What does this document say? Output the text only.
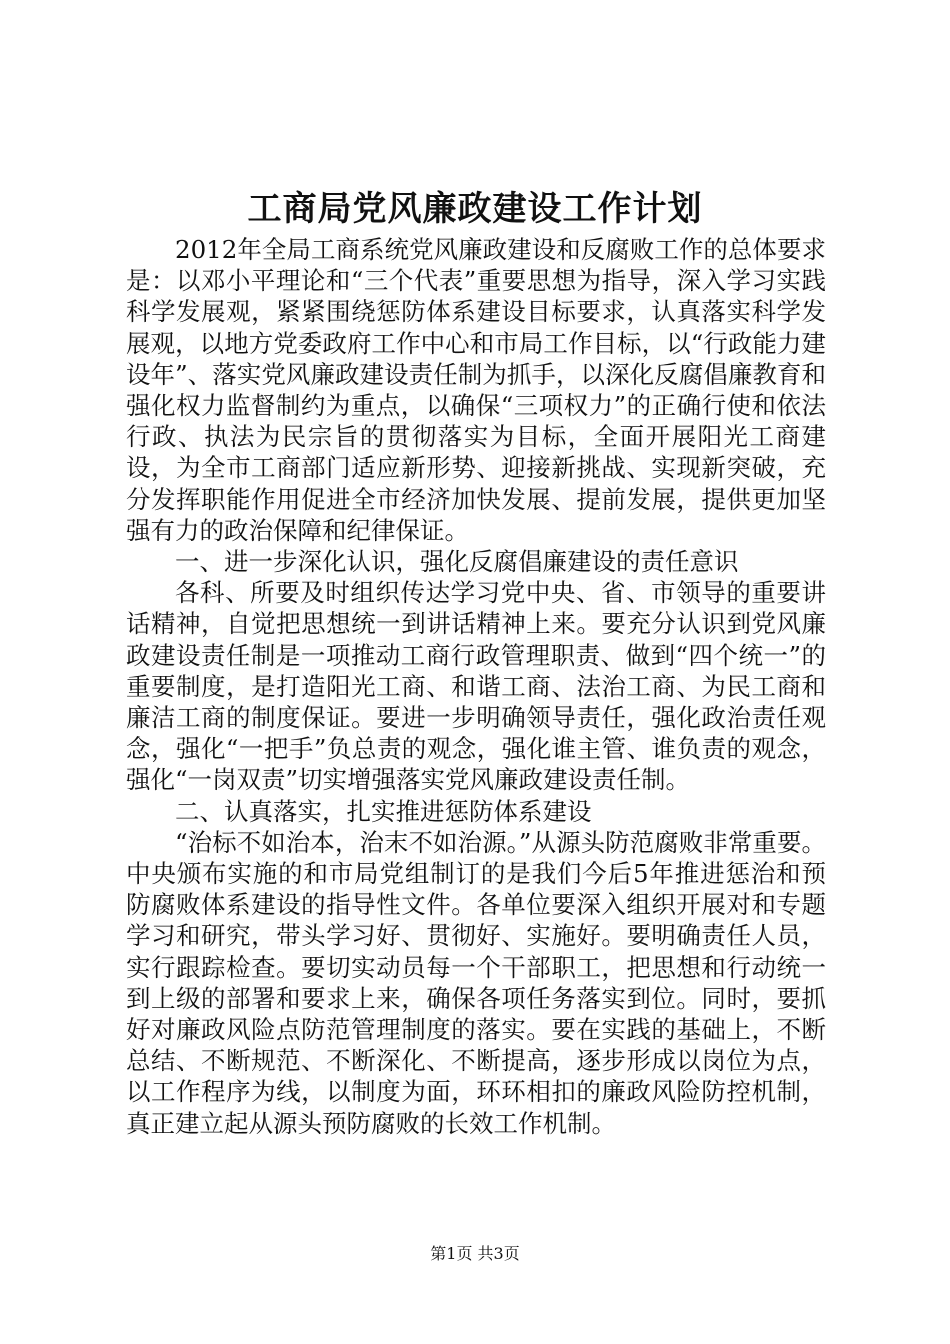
工商局党风廉政建设工作计划

2012年全局工商系统党风廉政建设和反腐败工作的总体要求是：以邓小平理论和“三个代表”重要思想为指导，深入学习实践科学发展观，紧紧围绕惩防体系建设目标要求，认真落实科学发展观，以地方党委政府工作中心和市局工作目标，以“行政能力建设年”、落实党风廉政建设责任制为抓手，以深化反腐倡廉教育和强化权力监督制约为重点，以确保“三项权力”的正确行使和依法行政、执法为民宗旨的贯彻落实为目标，全面开展阳光工商建设，为全市工商部门适应新形势、迎接新挑战、实现新突破，充分发挥职能作用促进全市经济加快发展、提前发展，提供更加坚强有力的政治保障和纪律保证。

一、进一步深化认识，强化反腐倡廉建设的责任意识

各科、所要及时组织传达学习党中央、省、市领导的重要讲话精神，自觉把思想统一到讲话精神上来。要充分认识到党风廉政建设责任制是一项推动工商行政管理职责、做到“四个统一”的重要制度，是打造阳光工商、和谐工商、法治工商、为民工商和廉洁工商的制度保证。要进一步明确领导责任，强化政治责任观念，强化“一把手”负总责的观念，强化谁主管、谁负责的观念，强化“一岗双责”切实增强落实党风廉政建设责任制。

二、认真落实，扎实推进惩防体系建设

“治标不如治本，治末不如治源。”从源头防范腐败非常重要。中央颁布实施的和市局党组制订的是我们今后5年推进惩治和预防腐败体系建设的指导性文件。各单位要深入组织开展对和专题学习和研究，带头学习好、贯彻好、实施好。要明确责任人员，实行跟踪检查。要切实动员每一个干部职工，把思想和行动统一到上级的部署和要求上来，确保各项任务落实到位。同时，要抓好对廉政风险点防范管理制度的落实。要在实践的基础上，不断总结、不断规范、不断深化、不断提高，逐步形成以岗位为点，以工作程序为线，以制度为面，环环相扣的廉政风险防控机制，真正建立起从源头预防腐败的长效工作机制。

第1页 共3页
